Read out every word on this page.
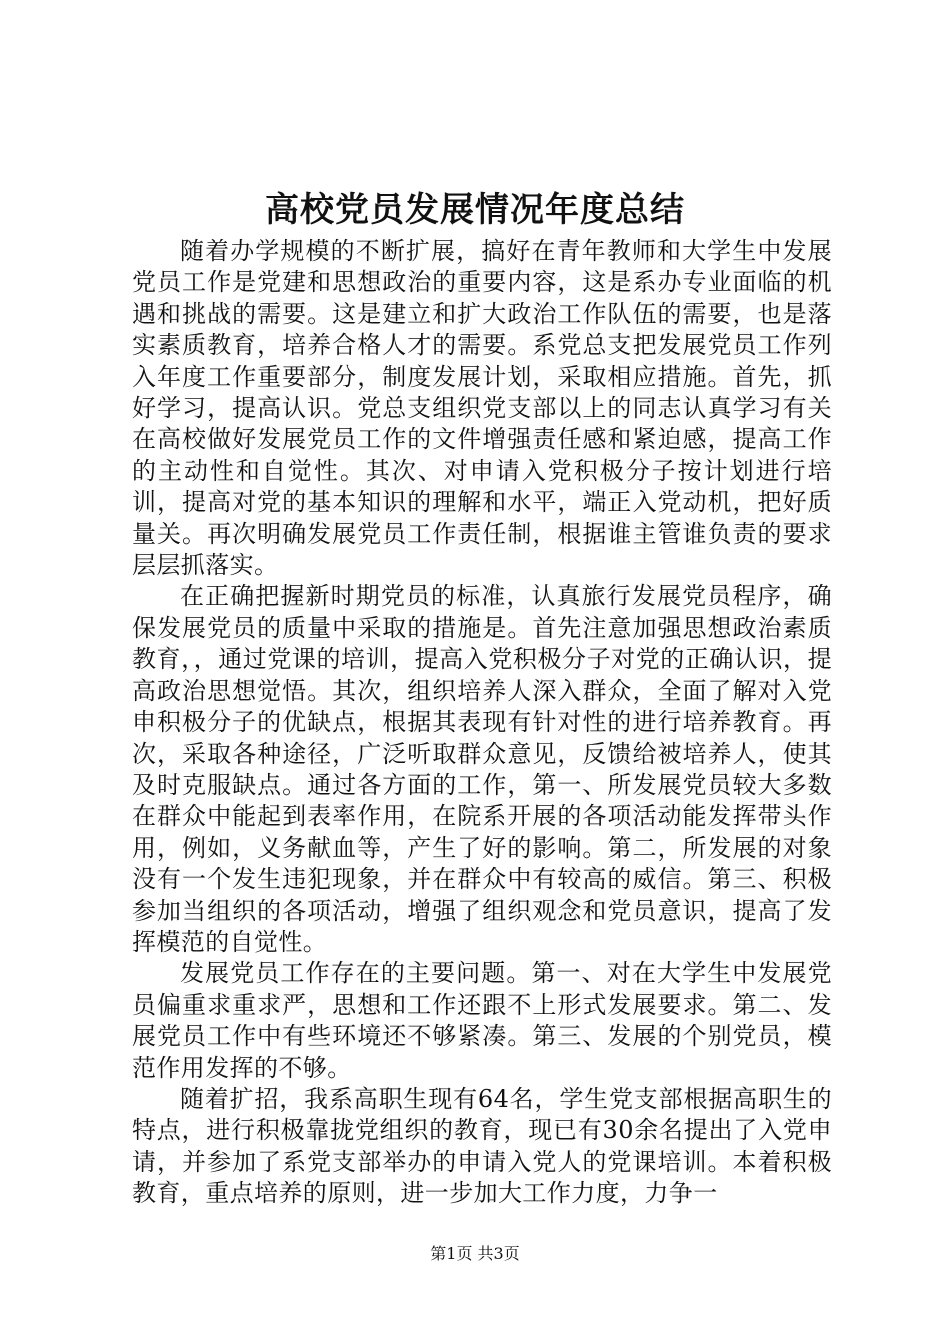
高校党员发展情况年度总结

随着办学规模的不断扩展，搞好在青年教师和大学生中发展党员工作是党建和思想政治的重要内容，这是系办专业面临的机遇和挑战的需要。这是建立和扩大政治工作队伍的需要，也是落实素质教育，培养合格人才的需要。系党总支把发展党员工作列入年度工作重要部分，制度发展计划，采取相应措施。首先，抓好学习，提高认识。党总支组织党支部以上的同志认真学习有关在高校做好发展党员工作的文件增强责任感和紧迫感，提高工作的主动性和自觉性。其次、对申请入党积极分子按计划进行培训，提高对党的基本知识的理解和水平，端正入党动机，把好质量关。再次明确发展党员工作责任制，根据谁主管谁负责的要求层层抓落实。

在正确把握新时期党员的标准，认真旅行发展党员程序，确保发展党员的质量中采取的措施是。首先注意加强思想政治素质教育，，通过党课的培训，提高入党积极分子对党的正确认识，提高政治思想觉悟。其次，组织培养人深入群众，全面了解对入党申积极分子的优缺点，根据其表现有针对性的进行培养教育。再次，采取各种途径，广泛听取群众意见，反馈给被培养人，使其及时克服缺点。通过各方面的工作，第一、所发展党员较大多数在群众中能起到表率作用，在院系开展的各项活动能发挥带头作用，例如，义务献血等，产生了好的影响。第二，所发展的对象没有一个发生违犯现象，并在群众中有较高的威信。第三、积极参加当组织的各项活动，增强了组织观念和党员意识，提高了发挥模范的自觉性。

发展党员工作存在的主要问题。第一、对在大学生中发展党员偏重求重求严，思想和工作还跟不上形式发展要求。第二、发展党员工作中有些环境还不够紧凑。第三、发展的个别党员，模范作用发挥的不够。

随着扩招，我系高职生现有64名，学生党支部根据高职生的特点，进行积极靠拢党组织的教育，现已有30余名提出了入党申请，并参加了系党支部举办的申请入党人的党课培训。本着积极教育，重点培养的原则，进一步加大工作力度，力争一

第1页 共3页
